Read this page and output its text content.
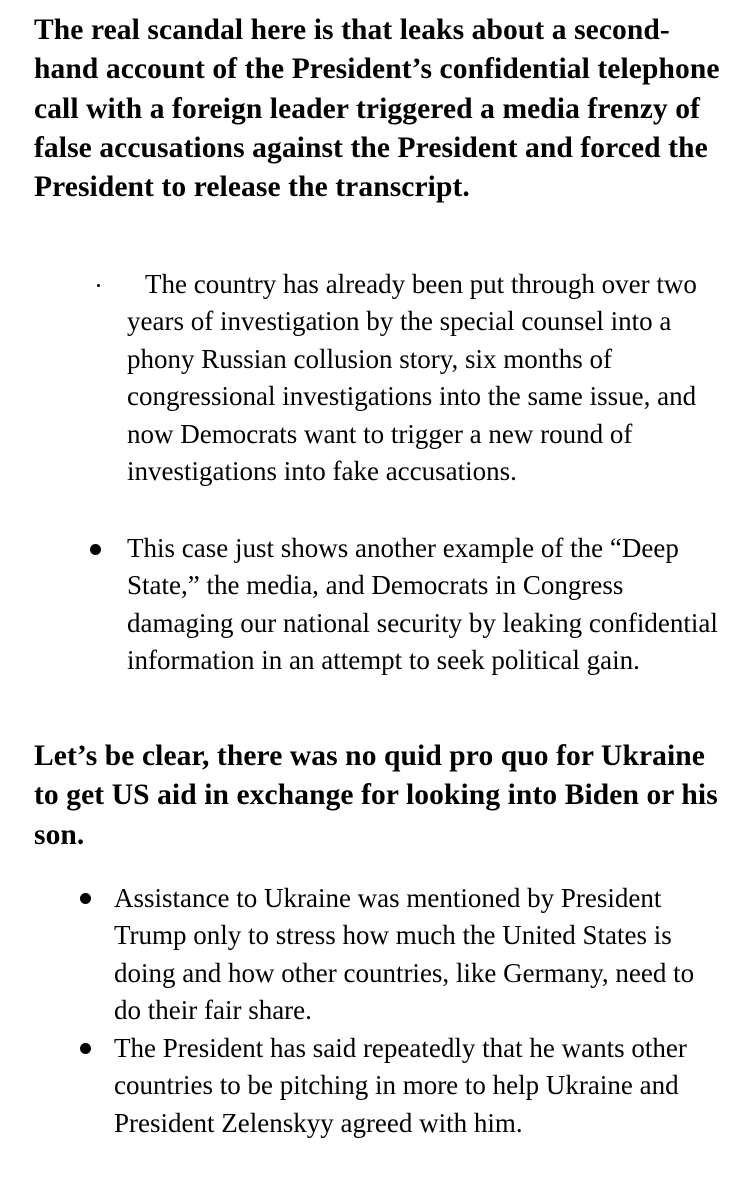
The real scandal here is that leaks about a second-hand account of the President’s confidential telephone call with a foreign leader triggered a media frenzy of false accusations against the President and forced the President to release the transcript.

The country has already been put through over two years of investigation by the special counsel into a phony Russian collusion story, six months of congressional investigations into the same issue, and now Democrats want to trigger a new round of investigations into fake accusations.

This case just shows another example of the “Deep State,” the media, and Democrats in Congress damaging our national security by leaking confidential information in an attempt to seek political gain.

Let’s be clear, there was no quid pro quo for Ukraine to get US aid in exchange for looking into Biden or his son.

Assistance to Ukraine was mentioned by President Trump only to stress how much the United States is doing and how other countries, like Germany, need to do their fair share.

The President has said repeatedly that he wants other countries to be pitching in more to help Ukraine and President Zelenskyy agreed with him.
